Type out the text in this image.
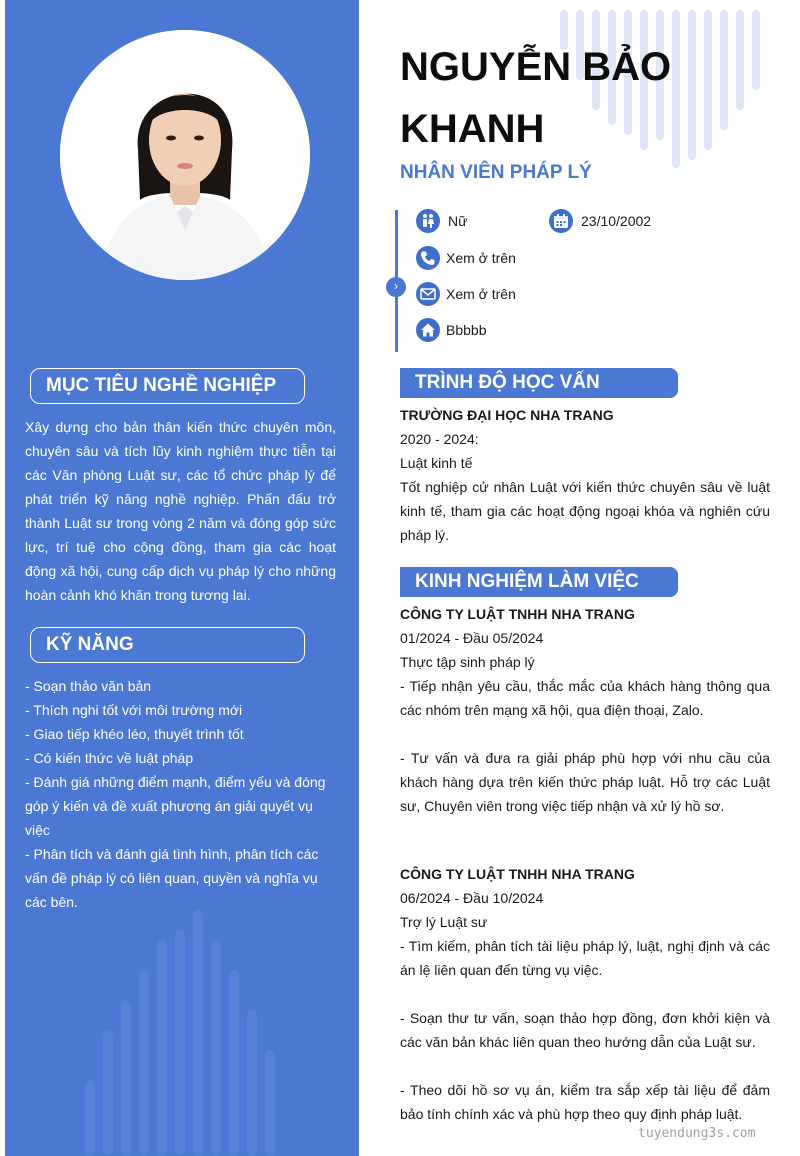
MỤC TIÊU NGHỀ NGHIỆP
Xây dựng cho bản thân kiến thức chuyên môn, chuyên sâu và tích lũy kinh nghiệm thực tiễn tại các Văn phòng Luật sư, các tổ chức pháp lý để phát triển kỹ năng nghề nghiệp. Phấn đấu trở thành Luật sư trong vòng 2 năm và đóng góp sức lực, trí tuệ cho cộng đồng, tham gia các hoạt động xã hội, cung cấp dịch vụ pháp lý cho những hoàn cảnh khó khăn trong tương lai.
KỸ NĂNG
- Soạn thảo văn bản
- Thích nghi tốt với môi trường mới
- Giao tiếp khéo léo, thuyết trình tốt
- Có kiến thức về luật pháp
- Đánh giá những điểm mạnh, điểm yếu và đóng góp ý kiến và đề xuất phương án giải quyết vụ việc
- Phân tích và đánh giá tình hình, phân tích các vấn đề pháp lý có liên quan, quyền và nghĩa vụ các bên.
NGUYỄN BẢO KHANH
NHÂN VIÊN PHÁP LÝ
›
Nữ	23/10/2002
Xem ở trên
Xem ở trên
Bbbbb
TRÌNH ĐỘ HỌC VẤN
TRƯỜNG ĐẠI HỌC NHA TRANG
2020 - 2024:
Luật kinh tế
Tốt nghiệp cử nhân Luật với kiến thức chuyên sâu về luật kinh tế, tham gia các hoạt động ngoại khóa và nghiên cứu pháp lý.
KINH NGHIỆM LÀM VIỆC
CÔNG TY LUẬT TNHH NHA TRANG
01/2024 - Đầu 05/2024
Thực tập sinh pháp lý
- Tiếp nhận yêu cầu, thắc mắc của khách hàng thông qua các nhóm trên mạng xã hội, qua điện thoại, Zalo.
- Tư vấn và đưa ra giải pháp phù hợp với nhu cầu của khách hàng dựa trên kiến thức pháp luật. Hỗ trợ các Luật sư, Chuyên viên trong việc tiếp nhận và xử lý hồ sơ.
CÔNG TY LUẬT TNHH NHA TRANG
06/2024 - Đầu 10/2024
Trợ lý Luật sư
- Tìm kiếm, phân tích tài liệu pháp lý, luật, nghị định và các án lệ liên quan đến từng vụ việc.
- Soạn thư tư vấn, soạn thảo hợp đồng, đơn khởi kiện và các văn bản khác liên quan theo hướng dẫn của Luật sư.
- Theo dõi hồ sơ vụ án, kiểm tra sắp xếp tài liệu để đảm bảo tính chính xác và phù hợp theo quy định pháp luật.
tuyendung3s.com
